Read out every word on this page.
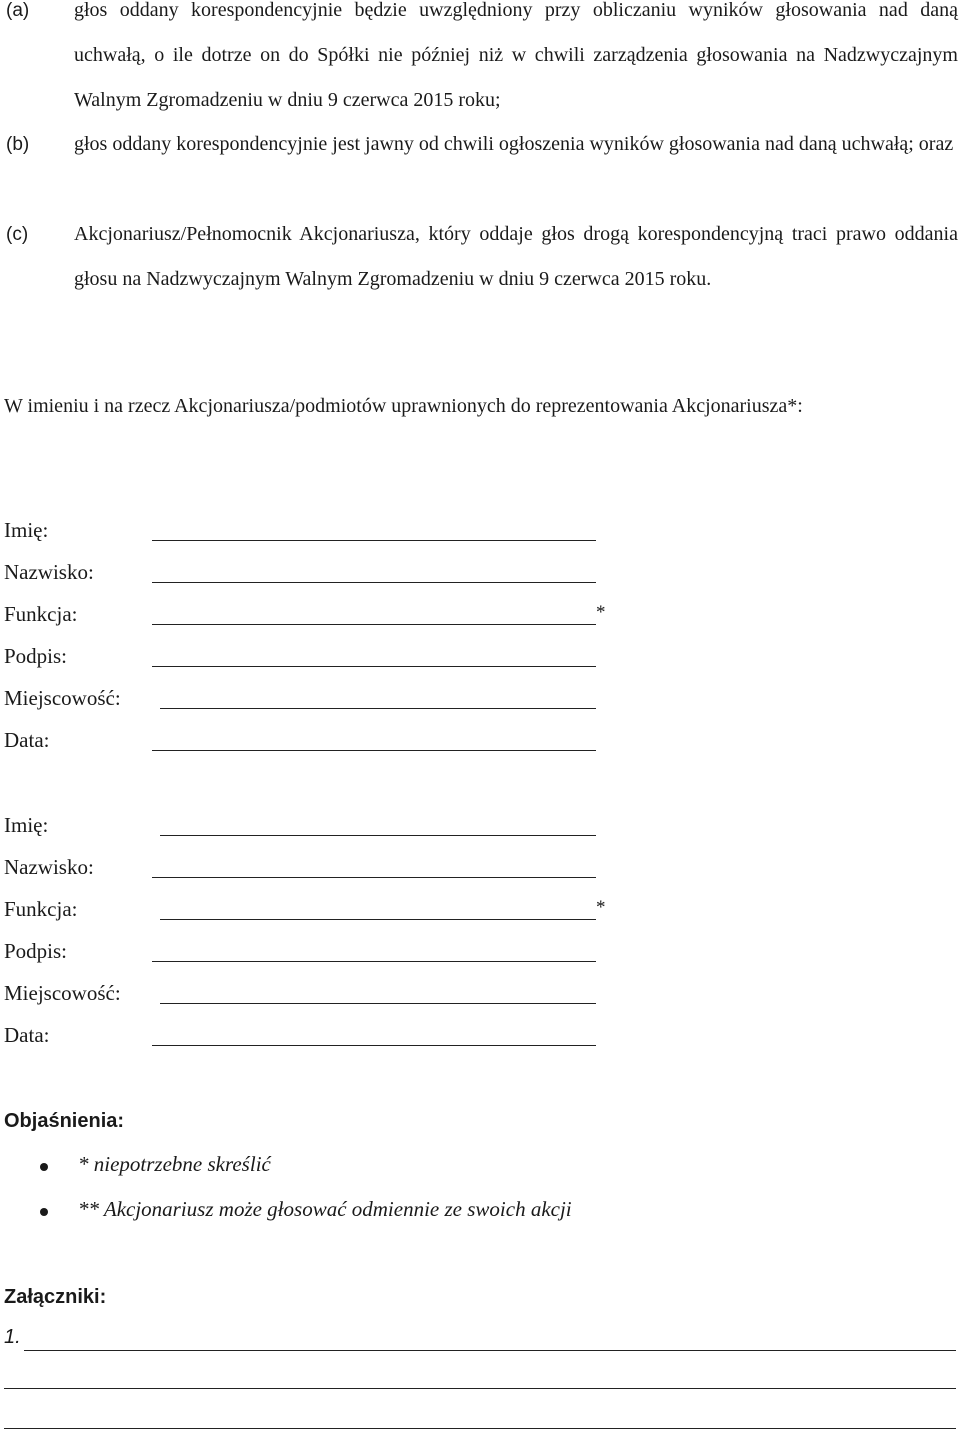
(a) głos oddany korespondencyjnie będzie uwzględniony przy obliczaniu wyników głosowania nad daną uchwałą, o ile dotrze on do Spółki nie później niż w chwili zarządzenia głosowania na Nadzwyczajnym Walnym Zgromadzeniu w dniu 9 czerwca 2015 roku;
(b) głos oddany korespondencyjnie jest jawny od chwili ogłoszenia wyników głosowania nad daną uchwałą; oraz
(c) Akcjonariusz/Pełnomocnik Akcjonariusza, który oddaje głos drogą korespondencyjną traci prawo oddania głosu na Nadzwyczajnym Walnym Zgromadzeniu w dniu 9 czerwca 2015 roku.
W imieniu i na rzecz Akcjonariusza/podmiotów uprawnionych do reprezentowania Akcjonariusza*:
Imię:
Nazwisko:
Funkcja:	*
Podpis:
Miejscowość:
Data:
Imię:
Nazwisko:
Funkcja:	*
Podpis:
Miejscowość:
Data:
Objaśnienia:
* niepotrzebne skreślić
** Akcjonariusz może głosować odmiennie ze swoich akcji
Załączniki:
1.
